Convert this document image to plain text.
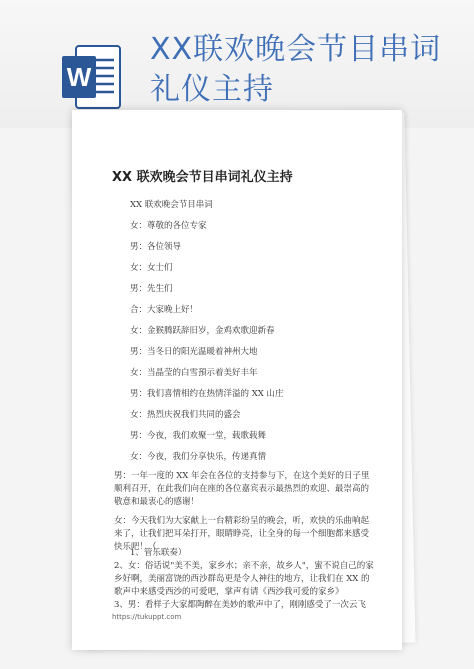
W
XX联欢晚会节目串词
礼仪主持
XX 联欢晚会节目串词礼仪主持
XX 联欢晚会节目串词
女：尊敬的各位专家
男：各位领导
女：女士们
男：先生们
合：大家晚上好！
女：金猴腾跃辞旧岁，金鸡欢歌迎新春
男：当冬日的阳光温暖着神州大地
女：当晶莹的白雪預示着美好丰年
男：我们喜情相约在热情洋溢的 XX 山庄
女：热烈庆祝我们共同的盛会
男：今夜，我们欢聚一堂，载歌载舞
女：今夜，我们分享快乐，传递真情
男：一年一度的 XX 年会在各位的支持参与下，在这个美好的日子里顺利召开，在此我们向在座的各位嘉宾表示最热烈的欢迎、最崇高的敬意和最衷心的感谢！
女：今天我们为大家献上一台精彩纷呈的晚会，听，欢快的乐曲响起来了，让我们把耳朵打开，眼睛睁亮，让全身的每一个细胞都来感受快乐吧！（
1、管乐联奏）
2、女：俗话说"美不美，家乡水；亲不亲，故乡人"，蜜不说自己的家乡好啊，美丽富饶的西沙群岛更是令人神往的地方，让我们在 XX 的歌声中来感受西沙的可爱吧，掌声有请《西沙我可爱的家乡》
3、男：看样子大家都陶醉在美妙的歌声中了，刚刚感受了一次云飞
https://tukuppt.com
